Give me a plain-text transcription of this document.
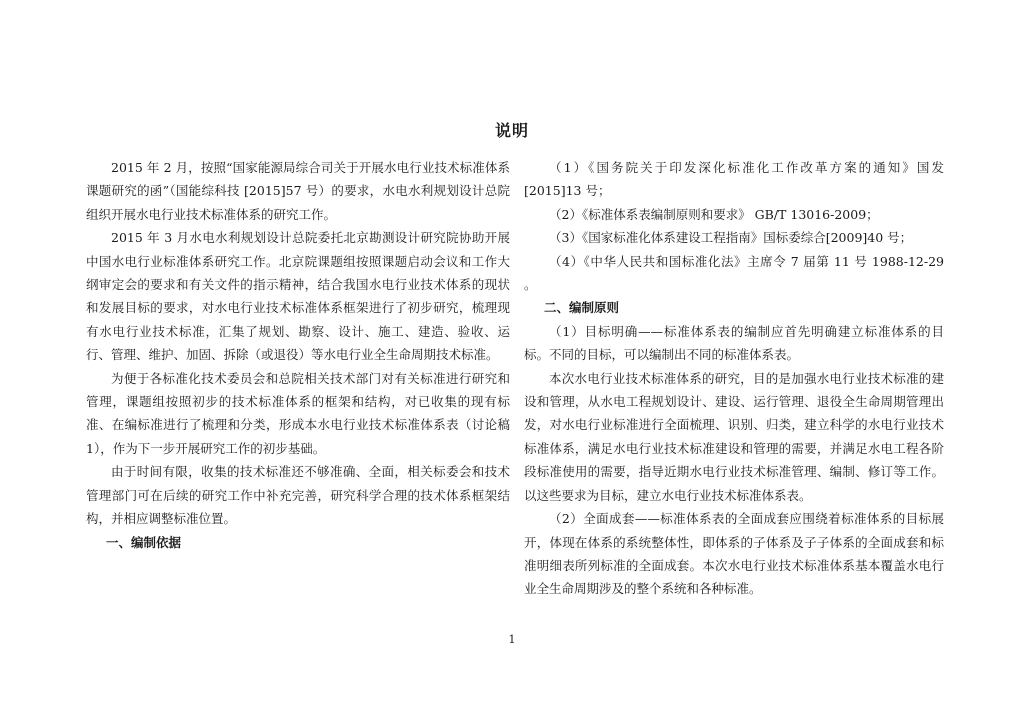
说明

2015 年 2 月，按照“国家能源局综合司关于开展水电行业技术标准体系课题研究的函”（国能综科技 [2015]57 号）的要求，水电水利规划设计总院组织开展水电行业技术标准体系的研究工作。

2015 年 3 月水电水利规划设计总院委托北京勘测设计研究院协助开展中国水电行业标准体系研究工作。北京院课题组按照课题启动会议和工作大纲审定会的要求和有关文件的指示精神，结合我国水电行业技术体系的现状和发展目标的要求，对水电行业技术标准体系框架进行了初步研究，梳理现有水电行业技术标准，汇集了规划、勘察、设计、施工、建造、验收、运行、管理、维护、加固、拆除（或退役）等水电行业全生命周期技术标准。

为便于各标准化技术委员会和总院相关技术部门对有关标准进行研究和管理，课题组按照初步的技术标准体系的框架和结构，对已收集的现有标准、在编标准进行了梳理和分类，形成本水电行业技术标准体系表（讨论稿 1），作为下一步开展研究工作的初步基础。

由于时间有限，收集的技术标准还不够准确、全面，相关标委会和技术管理部门可在后续的研究工作中补充完善，研究科学合理的技术体系框架结构，并相应调整标准位置。

一、编制依据

（1）《国务院关于印发深化标准化工作改革方案的通知》国发 [2015]13 号；

（2）《标准体系表编制原则和要求》 GB/T 13016-2009；

（3）《国家标准化体系建设工程指南》国标委综合[2009]40 号；

（4）《中华人民共和国标准化法》主席令 7 届第 11 号 1988-12-29 。

二、编制原则

（1）目标明确——标准体系表的编制应首先明确建立标准体系的目标。不同的目标，可以编制出不同的标准体系表。

本次水电行业技术标准体系的研究，目的是加强水电行业技术标准的建设和管理，从水电工程规划设计、建设、运行管理、退役全生命周期管理出发，对水电行业标准进行全面梳理、识别、归类，建立科学的水电行业技术标准体系，满足水电行业技术标准建设和管理的需要，并满足水电工程各阶段标准使用的需要，指导近期水电行业技术标准管理、编制、修订等工作。以这些要求为目标，建立水电行业技术标准体系表。

（2）全面成套——标准体系表的全面成套应围绕着标准体系的目标展开，体现在体系的系统整体性，即体系的子体系及子子体系的全面成套和标准明细表所列标准的全面成套。本次水电行业技术标准体系基本覆盖水电行业全生命周期涉及的整个系统和各种标准。

1
